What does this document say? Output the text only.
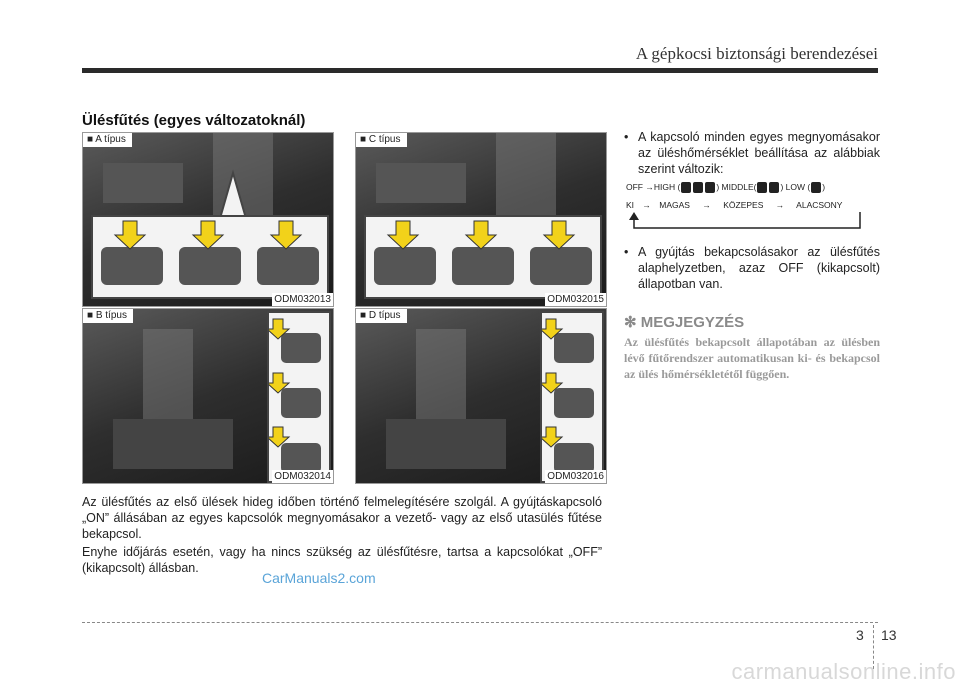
A gépkocsi biztonsági berendezései
Ülésfűtés (egyes változatoknál)
■ A típus
ODM032013
■ B típus
ODM032014
■ C típus
ODM032015
■ D típus
ODM032016

Az ülésfűtés az első ülések hideg időben történő felmelegítésére szolgál. A gyújtáskapcsoló „ON” állásában az egyes kapcsolók megnyomásakor a vezető- vagy az első utasülés fűtése bekapcsol.

Enyhe időjárás esetén, vagy ha nincs szükség az ülésfűtésre, tartsa a kapcsolókat „OFF” (kikapcsolt) állásban.

• A kapcsoló minden egyes megnyomásakor az üléshőmérséklet beállítása az alábbiak szerint változik:
OFF →HIGH (	) MIDDLE(	) LOW ( )
KI → MAGAS → KÖZEPES → ALACSONY
• A gyújtás bekapcsolásakor az ülésfűtés alaphelyzetben, azaz OFF (kikapcsolt) állapotban van.
✻ MEGJEGYZÉS
Az ülésfűtés bekapcsolt állapotában az ülésben lévő fűtőrendszer automatikusan ki- és bekapcsol az ülés hőmérsékletétől függően.
CarManuals2.com
3 13
carmanualsonline.info
